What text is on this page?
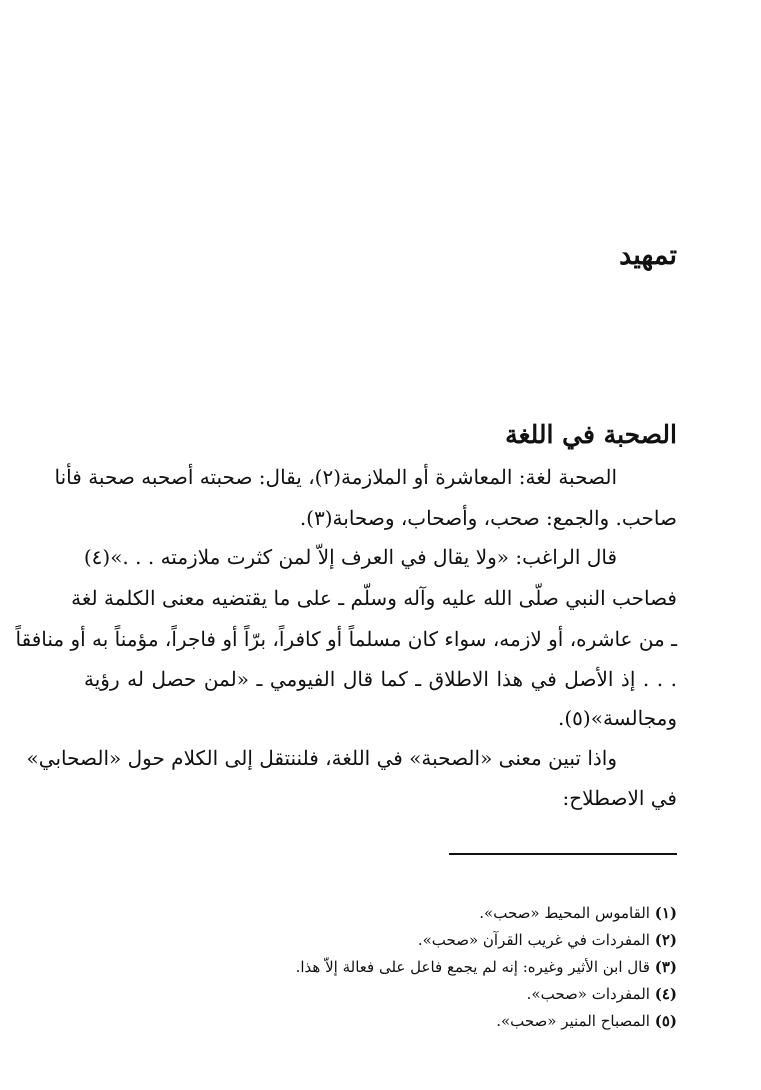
تمهيد
الصحبة في اللغة

الصحبة لغة: المعاشرة أو الملازمة(٢)، يقال: صحبته أصحبه صحبة فأنا

صاحب. والجمع: صحب، وأصحاب، وصحابة(٣).

قال الراغب: «ولا يقال في العرف إلاّ لمن كثرت ملازمته . . .»(٤)

فصاحب النبي صلّى الله عليه وآله وسلّم ـ على ما يقتضيه معنى الكلمة لغة

ـ من عاشره، أو لازمه، سواء كان مسلماً أو كافراً، برّاً أو فاجراً، مؤمناً به أو منافقاً

. . . إذ الأصل في هذا الاطلاق ـ كما قال الفيومي ـ «لمن حصل له رؤية

ومجالسة»(٥).

واذا تبين معنى «الصحبة» في اللغة، فلننتقل إلى الكلام حول «الصحابي»

في الاصطلاح:

(١) القاموس المحيط «صحب».

(٢) المفردات في غريب القرآن «صحب».

(٣) قال ابن الأثير وغيره: إنه لم يجمع فاعل على فعالة إلاّ هذا.

(٤) المفردات «صحب».

(٥) المصباح المنير «صحب».
